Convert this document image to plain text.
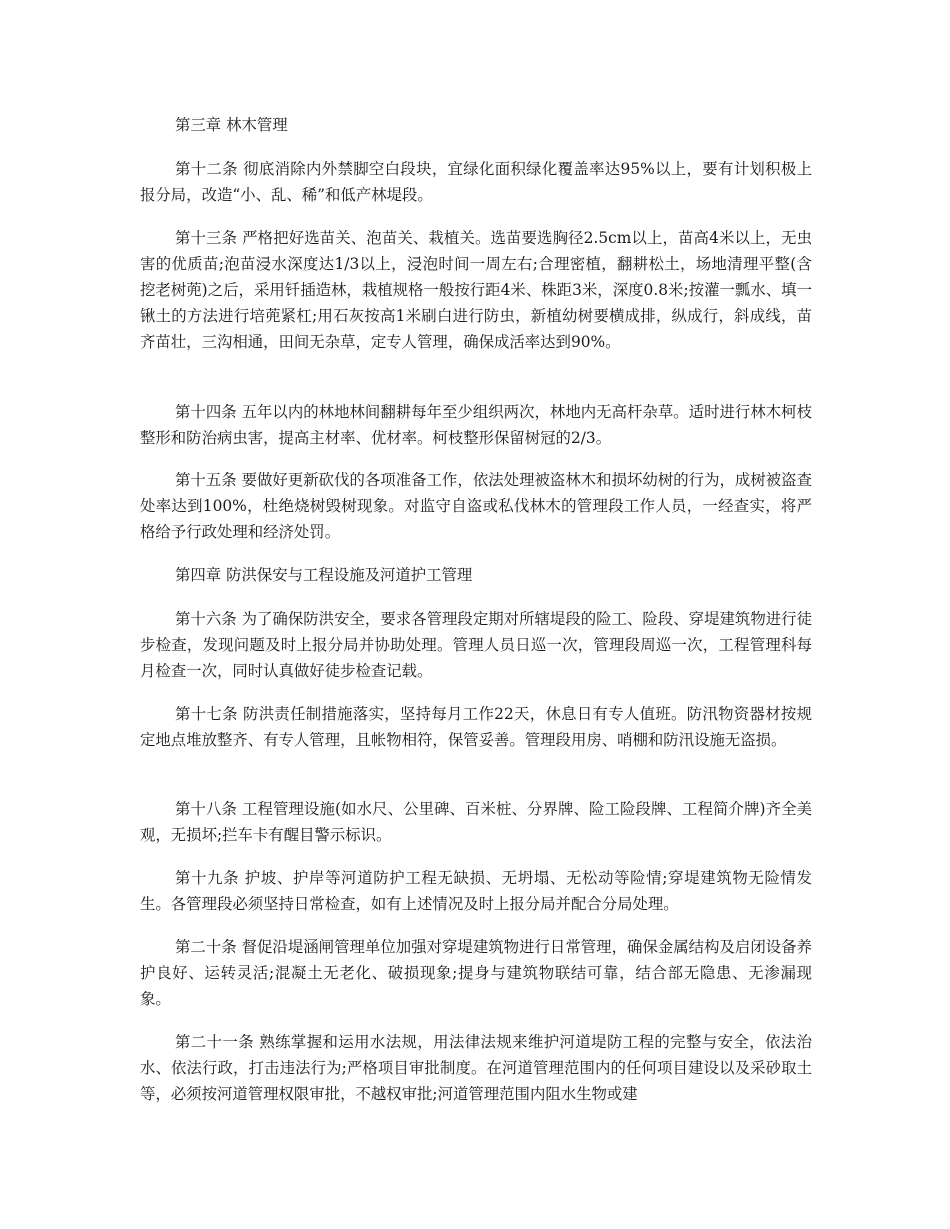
第三章 林木管理

第十二条 彻底消除内外禁脚空白段块，宜绿化面积绿化覆盖率达95%以上，要有计划积极上报分局，改造“小、乱、稀”和低产林堤段。

第十三条 严格把好选苗关、泡苗关、栽植关。选苗要选胸径2.5cm以上，苗高4米以上，无虫害的优质苗;泡苗浸水深度达1/3以上，浸泡时间一周左右;合理密植，翻耕松土，场地清理平整(含挖老树蔸)之后，采用钎插造林，栽植规格一般按行距4米、株距3米，深度0.8米;按灌一瓢水、填一锹土的方法进行培蔸紧杠;用石灰按高1米刷白进行防虫，新植幼树要横成排，纵成行，斜成线，苗齐苗壮，三沟相通，田间无杂草，定专人管理，确保成活率达到90%。

第十四条 五年以内的林地林间翻耕每年至少组织两次，林地内无高杆杂草。适时进行林木柯枝整形和防治病虫害，提高主材率、优材率。柯枝整形保留树冠的2/3。

第十五条 要做好更新砍伐的各项准备工作，依法处理被盗林木和损坏幼树的行为，成树被盗查处率达到100%，杜绝烧树毁树现象。对监守自盗或私伐林木的管理段工作人员，一经查实，将严格给予行政处理和经济处罚。

第四章 防洪保安与工程设施及河道护工管理

第十六条 为了确保防洪安全，要求各管理段定期对所辖堤段的险工、险段、穿堤建筑物进行徒步检查，发现问题及时上报分局并协助处理。管理人员日巡一次，管理段周巡一次，工程管理科每月检查一次，同时认真做好徒步检查记载。

第十七条 防洪责任制措施落实，坚持每月工作22天，休息日有专人值班。防汛物资器材按规定地点堆放整齐、有专人管理，且帐物相符，保管妥善。管理段用房、哨棚和防汛设施无盗损。

第十八条 工程管理设施(如水尺、公里碑、百米桩、分界牌、险工险段牌、工程简介牌)齐全美观，无损坏;拦车卡有醒目警示标识。

第十九条 护坡、护岸等河道防护工程无缺损、无坍塌、无松动等险情;穿堤建筑物无险情发生。各管理段必须坚持日常检查，如有上述情况及时上报分局并配合分局处理。

第二十条 督促沿堤涵闸管理单位加强对穿堤建筑物进行日常管理，确保金属结构及启闭设备养护良好、运转灵活;混凝土无老化、破损现象;提身与建筑物联结可靠，结合部无隐患、无渗漏现象。

第二十一条 熟练掌握和运用水法规，用法律法规来维护河道堤防工程的完整与安全，依法治水、依法行政，打击违法行为;严格项目审批制度。在河道管理范围内的任何项目建设以及采砂取土等，必须按河道管理权限审批，不越权审批;河道管理范围内阻水生物或建
